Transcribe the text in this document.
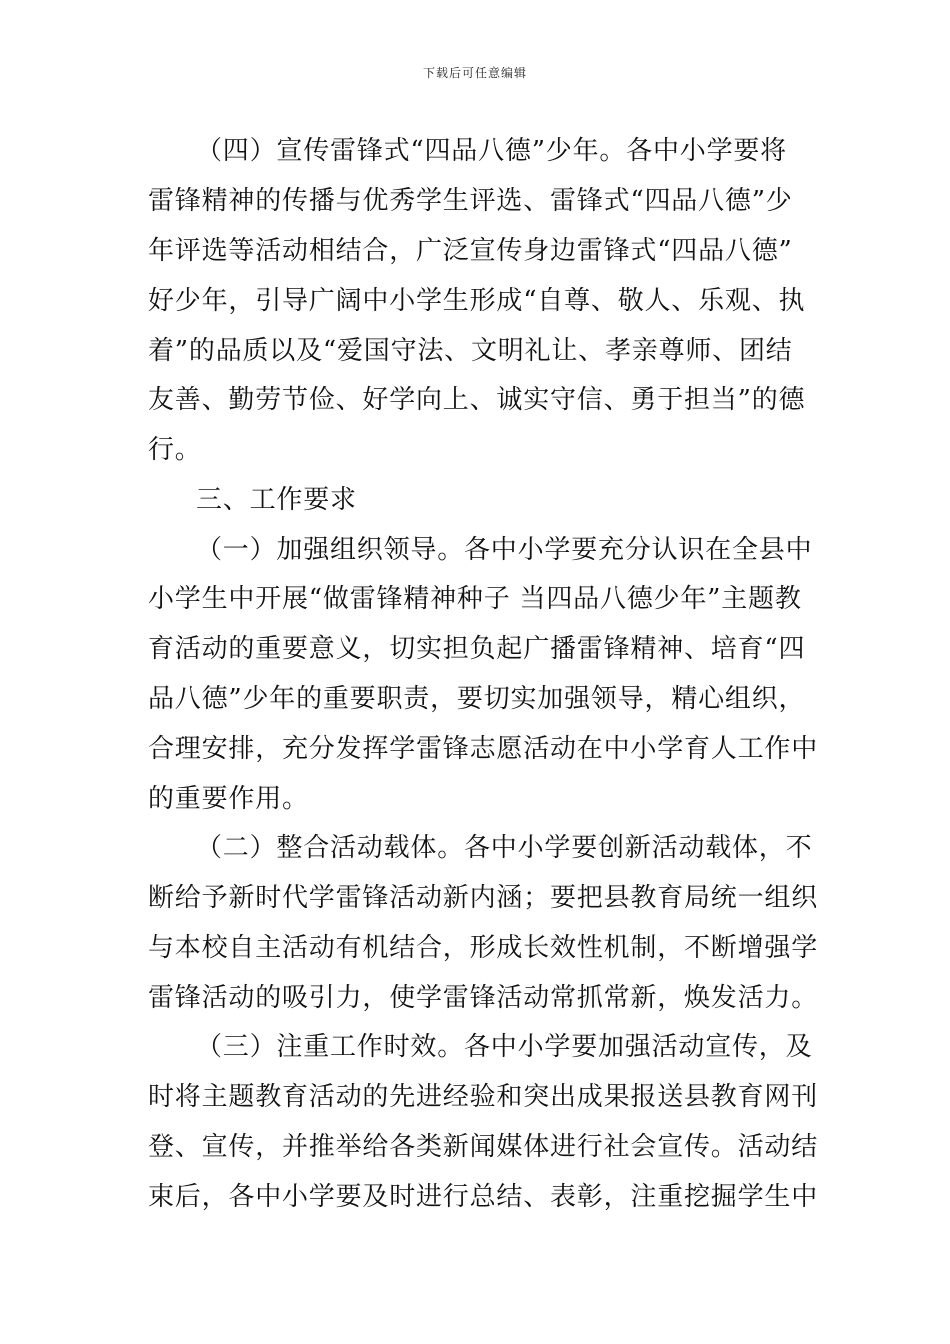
下载后可任意编辑
（四）宣传雷锋式“四品八德”少年。各中小学要将
雷锋精神的传播与优秀学生评选、雷锋式“四品八德”少
年评选等活动相结合，广泛宣传身边雷锋式“四品八德”
好少年，引导广阔中小学生形成“自尊、敬人、乐观、执
着”的品质以及“爱国守法、文明礼让、孝亲尊师、团结
友善、勤劳节俭、好学向上、诚实守信、勇于担当”的德
行。
三、工作要求
（一）加强组织领导。各中小学要充分认识在全县中
小学生中开展“做雷锋精神种子 当四品八德少年”主题教
育活动的重要意义，切实担负起广播雷锋精神、培育“四
品八德”少年的重要职责，要切实加强领导，精心组织，
合理安排，充分发挥学雷锋志愿活动在中小学育人工作中
的重要作用。
（二）整合活动载体。各中小学要创新活动载体，不
断给予新时代学雷锋活动新内涵；要把县教育局统一组织
与本校自主活动有机结合，形成长效性机制，不断增强学
雷锋活动的吸引力，使学雷锋活动常抓常新，焕发活力。
（三）注重工作时效。各中小学要加强活动宣传，及
时将主题教育活动的先进经验和突出成果报送县教育网刊
登、宣传，并推举给各类新闻媒体进行社会宣传。活动结
束后，各中小学要及时进行总结、表彰，注重挖掘学生中
